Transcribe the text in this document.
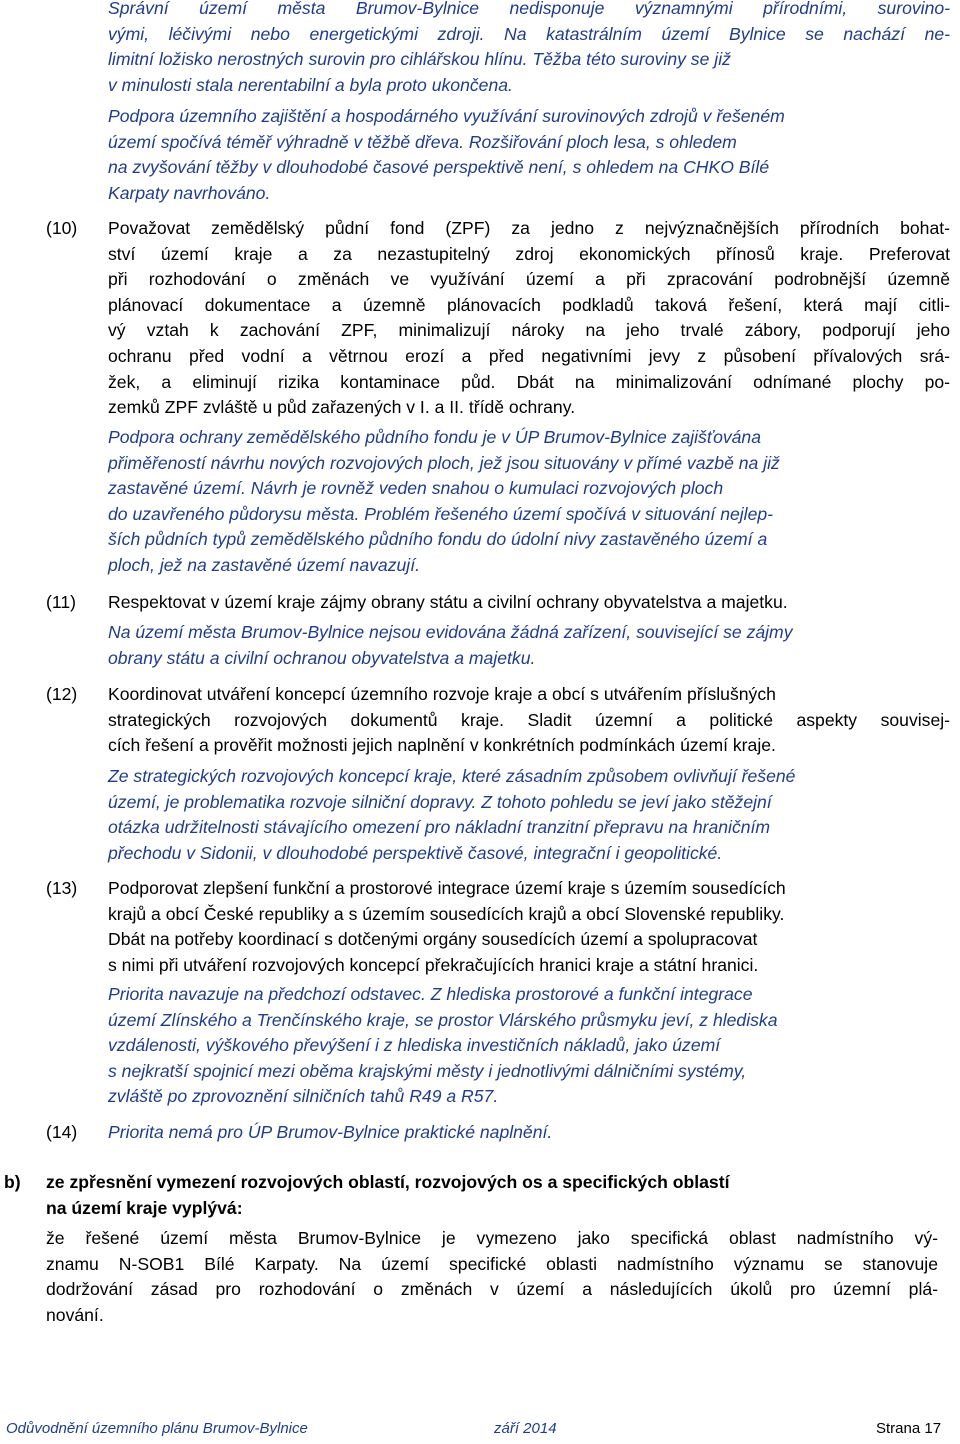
Správní území města Brumov-Bylnice nedisponuje významnými přírodními, surovino-
vými, léčivými nebo energetickými zdroji. Na katastrálním území Bylnice se nachází ne-
limitní ložisko nerostných surovin pro cihlářskou hlínu. Těžba této suroviny se již
v minulosti stala nerentabilní a byla proto ukončena.
Podpora územního zajištění a hospodárného využívání surovinových zdrojů v řešeném
území spočívá téměř výhradně v těžbě dřeva. Rozšiřování ploch lesa, s ohledem
na zvyšování těžby v dlouhodobé časové perspektivě není, s ohledem na CHKO Bílé
Karpaty navrhováno.
(10) Považovat zemědělský půdní fond (ZPF) za jedno z nejvýznačnějších přírodních bohat-
ství území kraje a za nezastupitelný zdroj ekonomických přínosů kraje. Preferovat
při rozhodování o změnách ve využívání území a při zpracování podrobnější územně
plánovací dokumentace a územně plánovacích podkladů taková řešení, která mají citli-
vý vztah k zachování ZPF, minimalizují nároky na jeho trvalé zábory, podporují jeho
ochranu před vodní a větrnou erozí a před negativními jevy z působení přívalových srá-
žek, a eliminují rizika kontaminace půd. Dbát na minimalizování odnímané plochy po-
zemků ZPF zvláště u půd zařazených v I. a II. třídě ochrany.
Podpora ochrany zemědělského půdního fondu je v ÚP Brumov-Bylnice zajišťována
přiměřeností návrhu nových rozvojových ploch, jež jsou situovány v přímé vazbě na již
zastavěné území. Návrh je rovněž veden snahou o kumulaci rozvojových ploch
do uzavřeného půdorysu města. Problém řešeného území spočívá v situování nejlep-
ších půdních typů zemědělského půdního fondu do údolní nivy zastavěného území a
ploch, jež na zastavěné území navazují.
(11) Respektovat v území kraje zájmy obrany státu a civilní ochrany obyvatelstva a majetku.
Na území města Brumov-Bylnice nejsou evidována žádná zařízení, související se zájmy
obrany státu a civilní ochranou obyvatelstva a majetku.
(12) Koordinovat utváření koncepcí územního rozvoje kraje a obcí s utvářením příslušných
strategických rozvojových dokumentů kraje. Sladit územní a politické aspekty souvisej-
cích řešení a prověřit možnosti jejich naplnění v konkrétních podmínkách území kraje.
Ze strategických rozvojových koncepcí kraje, které zásadním způsobem ovlivňují řešené
území, je problematika rozvoje silniční dopravy. Z tohoto pohledu se jeví jako stěžejní
otázka udržitelnosti stávajícího omezení pro nákladní tranzitní přepravu na hraničním
přechodu v Sidonii, v dlouhodobé perspektivě časové, integrační i geopolitické.
(13) Podporovat zlepšení funkční a prostorové integrace území kraje s územím sousedících
krajů a obcí České republiky a s územím sousedících krajů a obcí Slovenské republiky.
Dbát na potřeby koordinací s dotčenými orgány sousedících území a spolupracovat
s nimi při utváření rozvojových koncepcí překračujících hranici kraje a státní hranici.
Priorita navazuje na předchozí odstavec. Z hlediska prostorové a funkční integrace
území Zlínského a Trenčínského kraje, se prostor Vlárského průsmyku jeví, z hlediska
vzdálenosti, výškového převýšení i z hlediska investičních nákladů, jako území
s nejkratší spojnicí mezi oběma krajskými městy i jednotlivými dálničními systémy,
zvláště po zprovoznění silničních tahů R49 a R57.
(14) Priorita nemá pro ÚP Brumov-Bylnice praktické naplnění.
b) ze zpřesnění vymezení rozvojových oblastí, rozvojových os a specifických oblastí
na území kraje vyplývá:
že řešené území města Brumov-Bylnice je vymezeno jako specifická oblast nadmístního vý-
znamu N-SOB1 Bílé Karpaty. Na území specifické oblasti nadmístního významu se stanovuje
dodržování zásad pro rozhodování o změnách v území a následujících úkolů pro územní plá-
nování.
Odůvodnění územního plánu Brumov-Bylnice	září 2014	Strana 17
